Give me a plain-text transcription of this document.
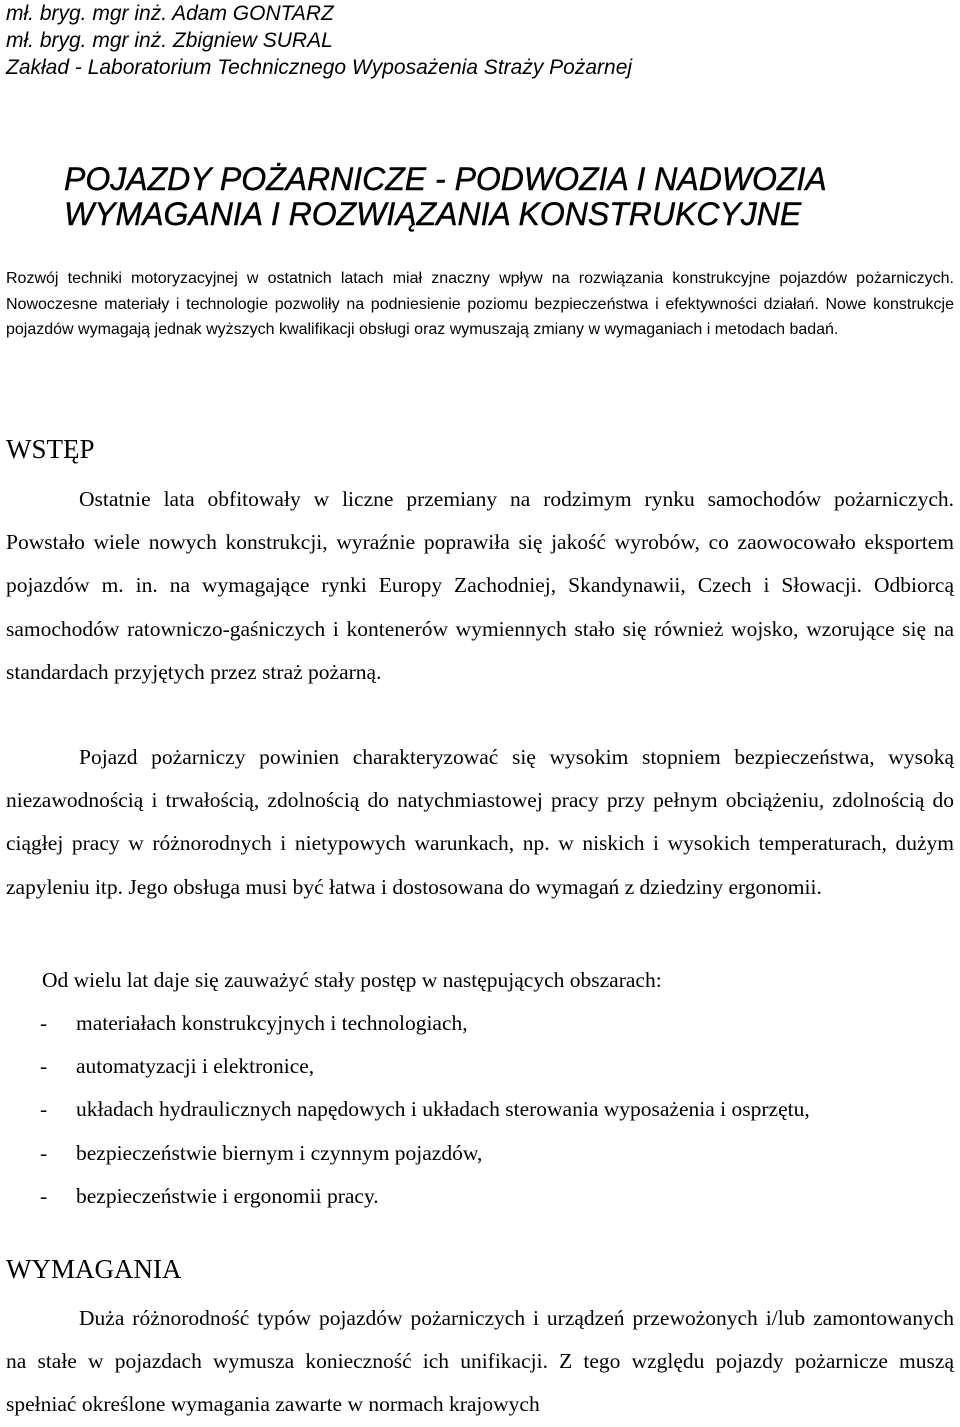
mł. bryg. mgr inż. Adam GONTARZ

mł. bryg. mgr inż. Zbigniew SURAL

Zakład - Laboratorium Technicznego Wyposażenia Straży Pożarnej

POJAZDY POŻARNICZE - PODWOZIA I NADWOZIA
WYMAGANIA I ROZWIĄZANIA KONSTRUKCYJNE

Rozwój techniki motoryzacyjnej w ostatnich latach miał znaczny wpływ na rozwiązania konstrukcyjne pojazdów pożarniczych. Nowoczesne materiały i technologie pozwoliły na podniesienie poziomu bezpieczeństwa i efektywności działań. Nowe konstrukcje pojazdów wymagają jednak wyższych kwalifikacji obsługi oraz wymuszają zmiany w wymaganiach i metodach badań.

WSTĘP

Ostatnie lata obfitowały w liczne przemiany na rodzimym rynku samochodów pożarniczych. Powstało wiele nowych konstrukcji, wyraźnie poprawiła się jakość wyrobów, co zaowocowało eksportem pojazdów m. in. na wymagające rynki Europy Zachodniej, Skandynawii, Czech i Słowacji. Odbiorcą samochodów ratowniczo-gaśniczych i kontenerów wymiennych stało się również wojsko, wzorujące się na standardach przyjętych przez straż pożarną.

Pojazd pożarniczy powinien charakteryzować się wysokim stopniem bezpieczeństwa, wysoką niezawodnością i trwałością, zdolnością do natychmiastowej pracy przy pełnym obciążeniu, zdolnością do ciągłej pracy w różnorodnych i nietypowych warunkach, np. w niskich i wysokich temperaturach, dużym zapyleniu itp. Jego obsługa musi być łatwa i dostosowana do wymagań z dziedziny ergonomii.

Od wielu lat daje się zauważyć stały postęp w następujących obszarach:

-	materiałach konstrukcyjnych i technologiach,
-	automatyzacji i elektronice,
-	układach hydraulicznych napędowych i układach sterowania wyposażenia i osprzętu,
-	bezpieczeństwie biernym i czynnym pojazdów,
-	bezpieczeństwie i ergonomii pracy.
WYMAGANIA

Duża różnorodność typów pojazdów pożarniczych i urządzeń przewożonych i/lub zamontowanych na stałe w pojazdach wymusza konieczność ich unifikacji. Z tego względu pojazdy pożarnicze muszą spełniać określone wymagania zawarte w normach krajowych
